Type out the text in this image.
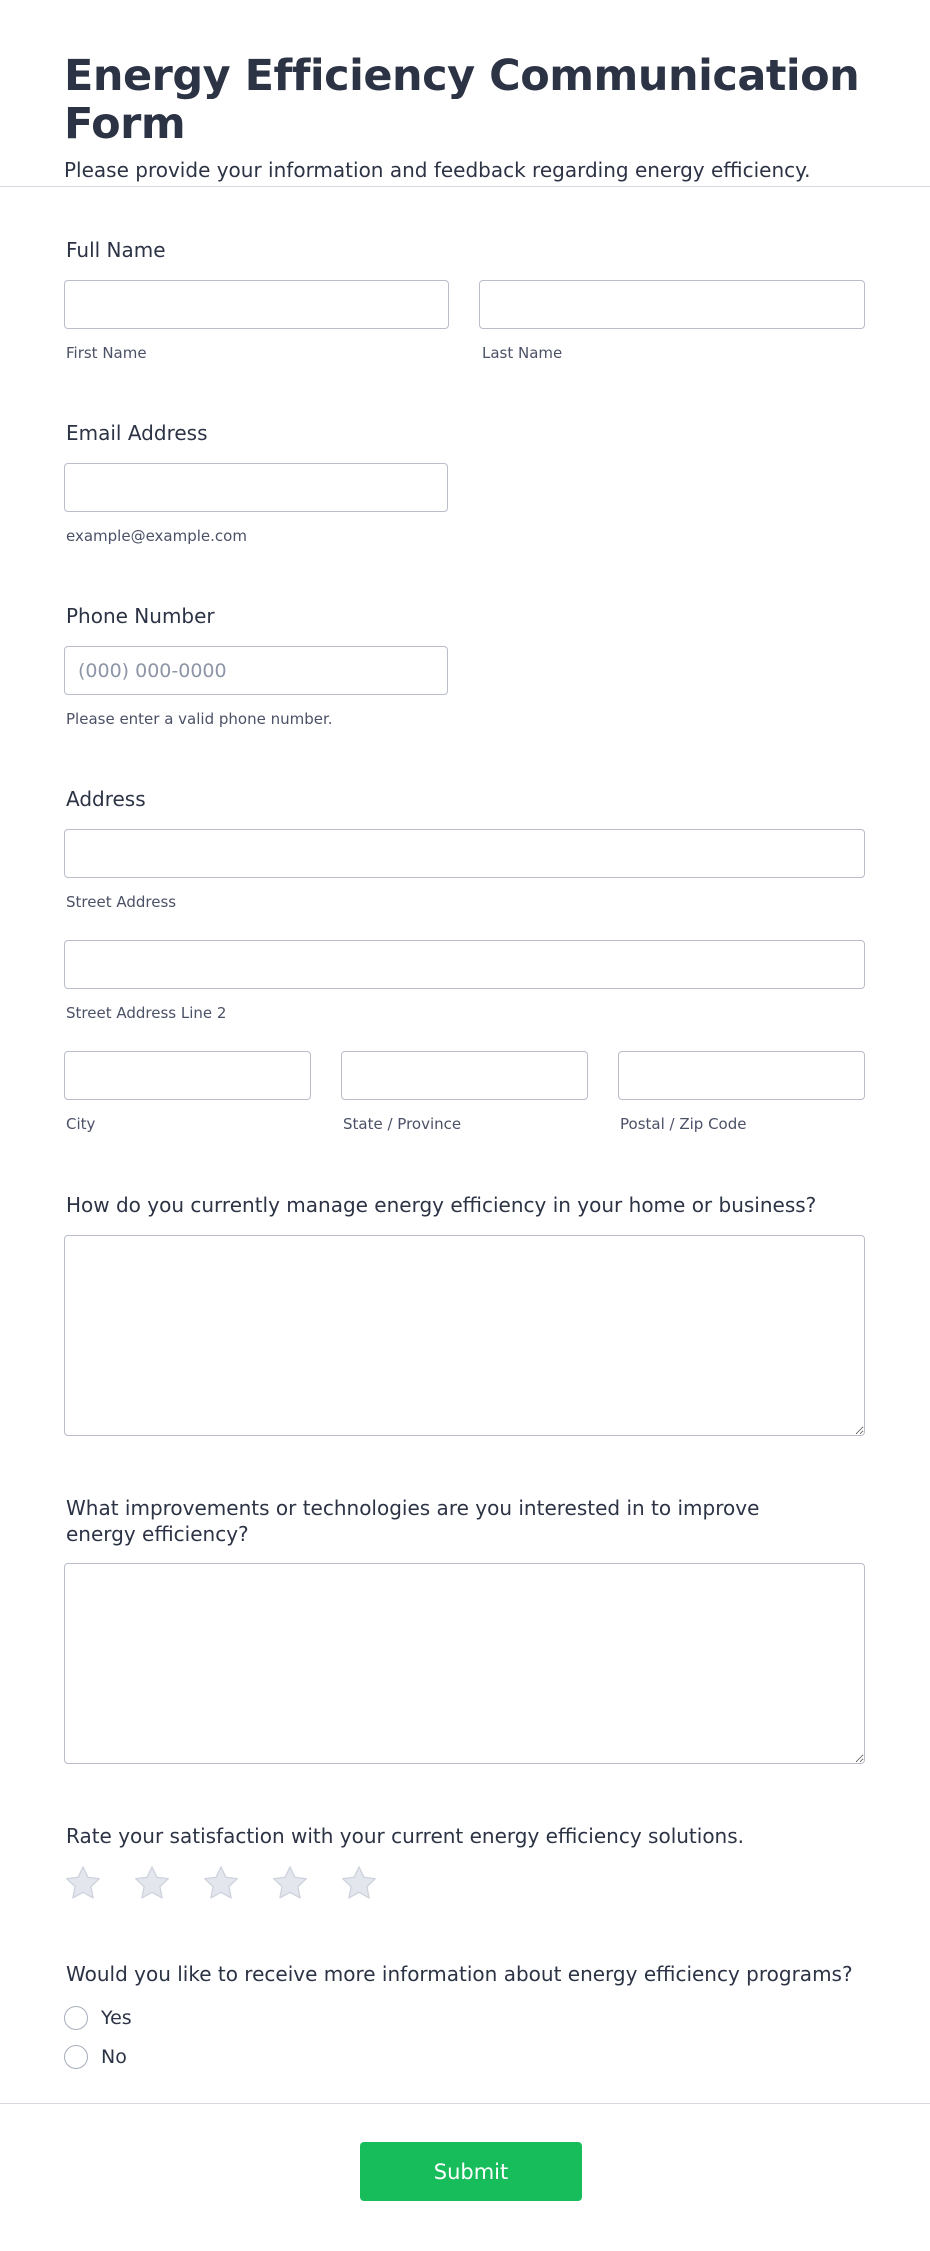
Energy Efficiency Communication Form
Please provide your information and feedback regarding energy efficiency.
Full Name
First Name	Last Name
Email Address
example@example.com
Phone Number
(000) 000-0000
Please enter a valid phone number.
Address
Street Address
Street Address Line 2
City	State / Province	Postal / Zip Code
How do you currently manage energy efficiency in your home or business?
What improvements or technologies are you interested in to improve energy efficiency?
Rate your satisfaction with your current energy efficiency solutions.
Would you like to receive more information about energy efficiency programs?
Yes
No
Submit
